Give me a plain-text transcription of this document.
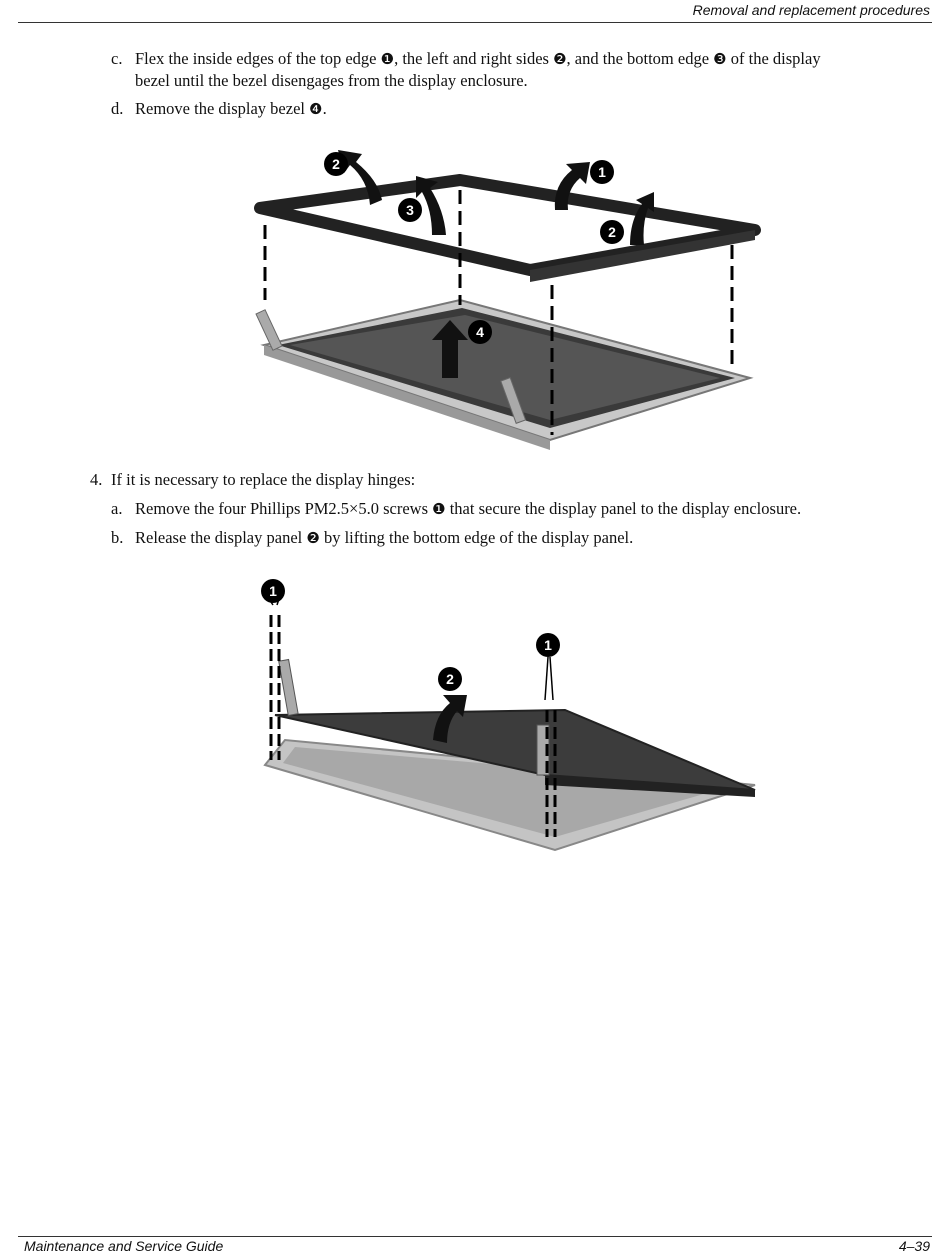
Removal and replacement procedures
c. Flex the inside edges of the top edge ❶, the left and right sides ❷, and the bottom edge ❸ of the display
bezel until the bezel disengages from the display enclosure.
d. Remove the display bezel ❹.
2
3
1
2
4
4. If it is necessary to replace the display hinges:
a. Remove the four Phillips PM2.5×5.0 screws ❶ that secure the display panel to the display enclosure.
b. Release the display panel ❷ by lifting the bottom edge of the display panel.
1
2
1
Maintenance and Service Guide	4–39
